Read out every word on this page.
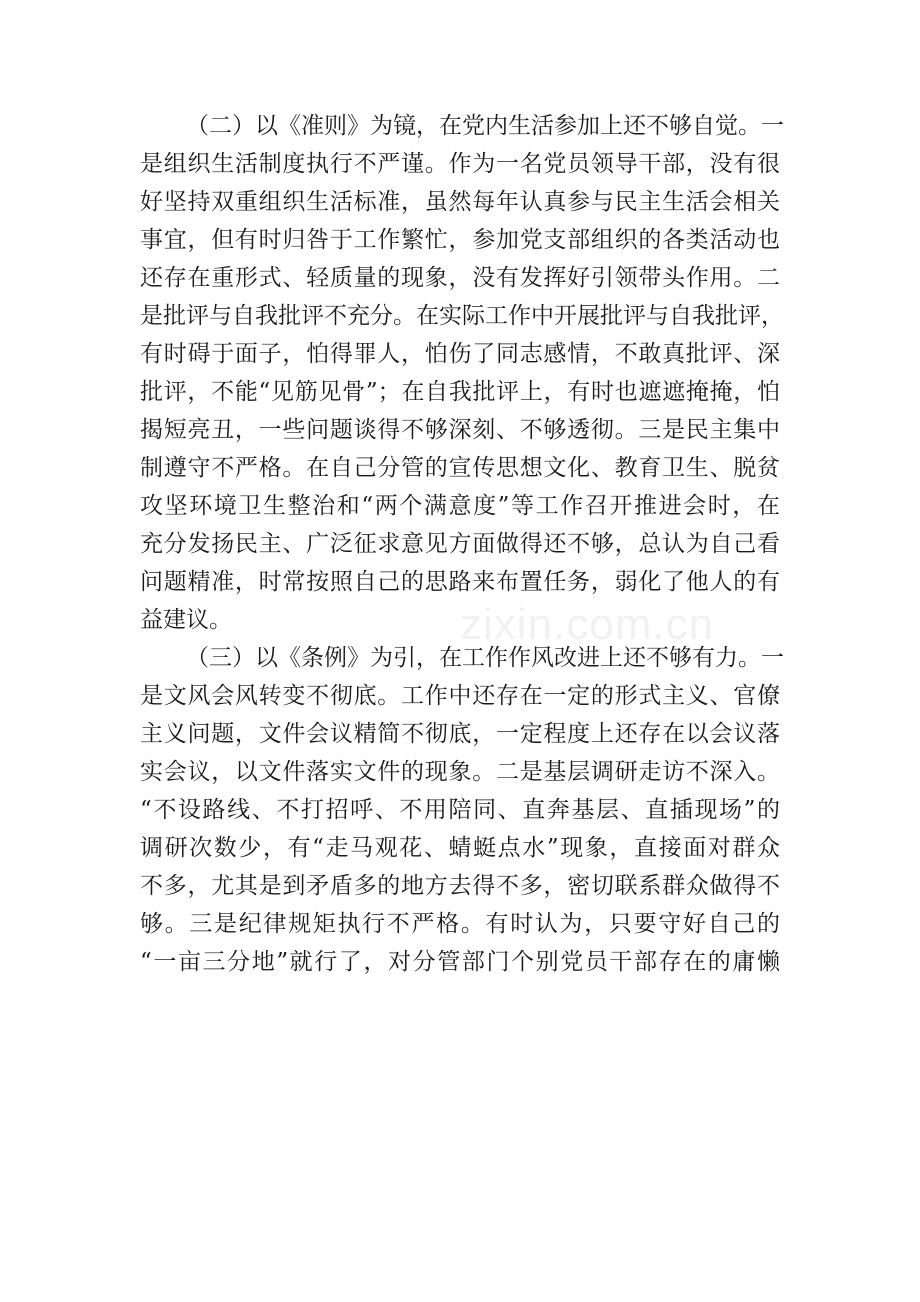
（二）以《准则》为镜，在党内生活参加上还不够自觉。一
是组织生活制度执行不严谨。作为一名党员领导干部，没有很
好坚持双重组织生活标准，虽然每年认真参与民主生活会相关
事宜，但有时归咎于工作繁忙，参加党支部组织的各类活动也
还存在重形式、轻质量的现象，没有发挥好引领带头作用。二
是批评与自我批评不充分。在实际工作中开展批评与自我批评，
有时碍于面子，怕得罪人，怕伤了同志感情，不敢真批评、深
批评，不能“见筋见骨”；在自我批评上，有时也遮遮掩掩，怕
揭短亮丑，一些问题谈得不够深刻、不够透彻。三是民主集中
制遵守不严格。在自己分管的宣传思想文化、教育卫生、脱贫
攻坚环境卫生整治和“两个满意度”等工作召开推进会时，在
充分发扬民主、广泛征求意见方面做得还不够，总认为自己看
问题精准，时常按照自己的思路来布置任务，弱化了他人的有
益建议。
（三）以《条例》为引，在工作作风改进上还不够有力。一
是文风会风转变不彻底。工作中还存在一定的形式主义、官僚
主义问题，文件会议精简不彻底，一定程度上还存在以会议落
实会议，以文件落实文件的现象。二是基层调研走访不深入。
“不设路线、不打招呼、不用陪同、直奔基层、直插现场”的
调研次数少，有“走马观花、蜻蜓点水”现象，直接面对群众
不多，尤其是到矛盾多的地方去得不多，密切联系群众做得不
够。三是纪律规矩执行不严格。有时认为，只要守好自己的
“一亩三分地”就行了，对分管部门个别党员干部存在的庸懒
zixin.com.cn
